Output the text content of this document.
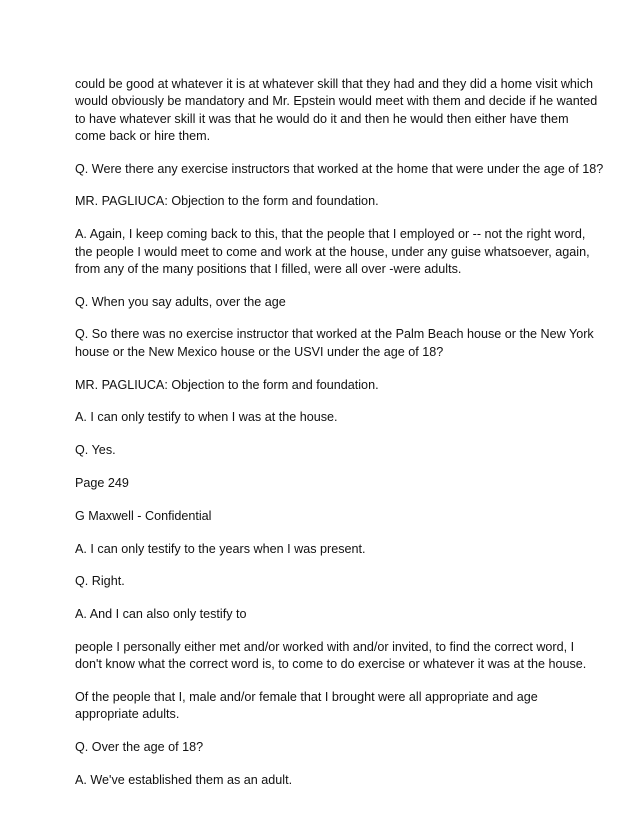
could be good at whatever it is at whatever skill that they had and they did a home visit which
would obviously be mandatory and Mr. Epstein would meet with them and decide if he wanted
to have whatever skill it was that he would do it and then he would then either have them
come back or hire them.

Q. Were there any exercise instructors that worked at the home that were under the age of 18?

MR. PAGLIUCA: Objection to the form and foundation.

A. Again, I keep coming back to this, that the people that I employed or -- not the right word,
the people I would meet to come and work at the house, under any guise whatsoever, again,
from any of the many positions that I filled, were all over -were adults.

Q. When you say adults, over the age

Q. So there was no exercise instructor that worked at the Palm Beach house or the New York
house or the New Mexico house or the USVI under the age of 18?

MR. PAGLIUCA: Objection to the form and foundation.

A. I can only testify to when I was at the house.

Q. Yes.

Page 249

G Maxwell - Confidential

A. I can only testify to the years when I was present.

Q. Right.

A. And I can also only testify to

people I personally either met and/or worked with and/or invited, to find the correct word, I
don't know what the correct word is, to come to do exercise or whatever it was at the house.

Of the people that I, male and/or female that I brought were all appropriate and age
appropriate adults.

Q. Over the age of 18?

A. We've established them as an adult.
